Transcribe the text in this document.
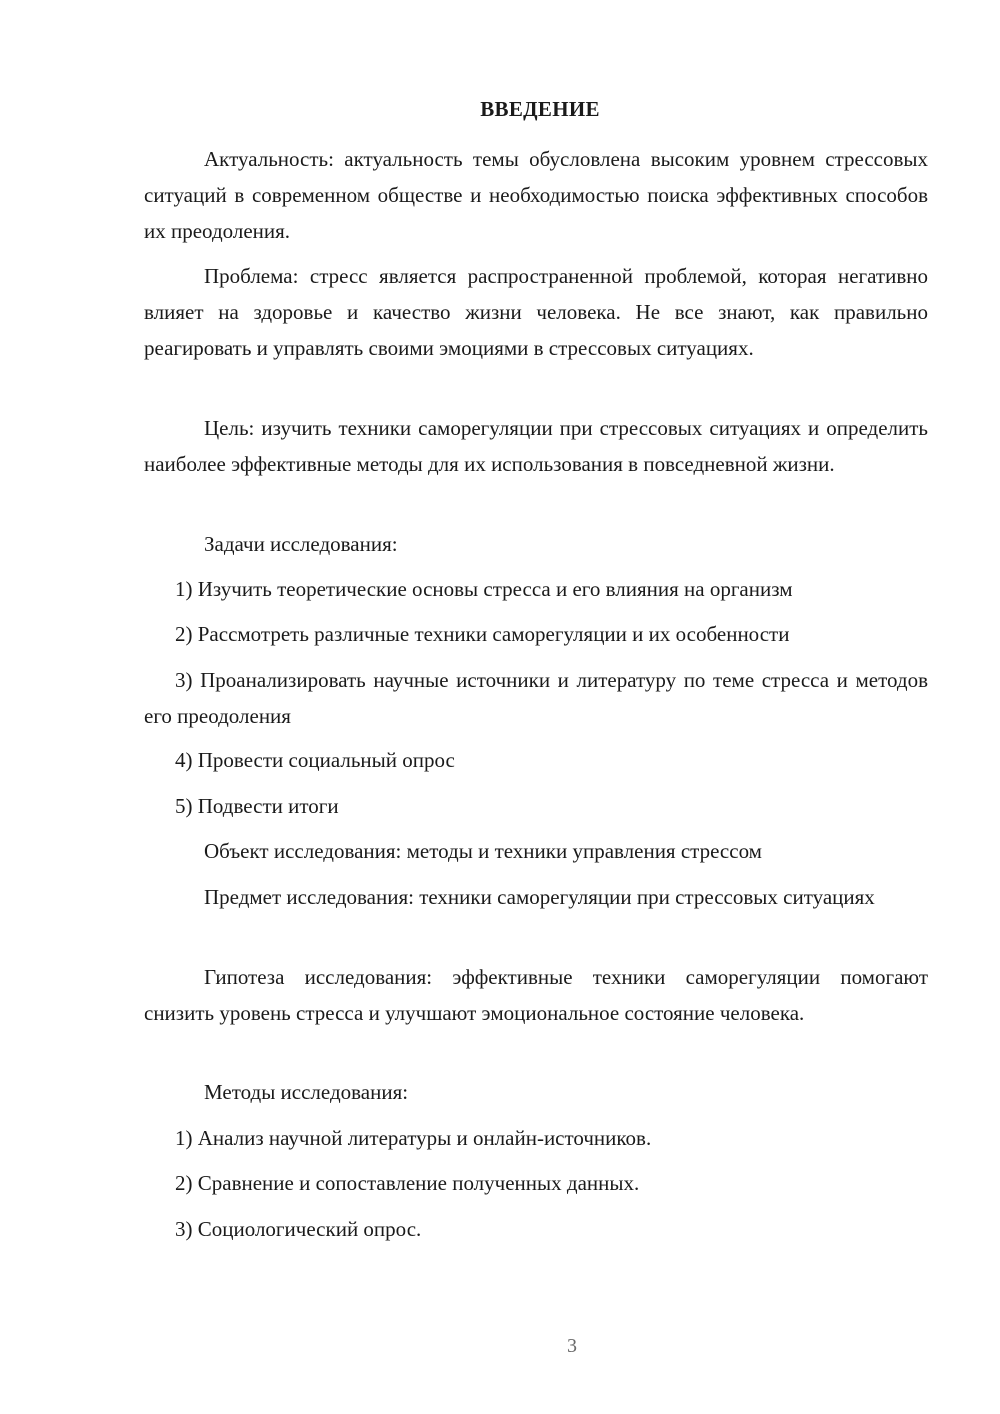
ВВЕДЕНИЕ

Актуальность: актуальность темы обусловлена высоким уровнем стрессовых ситуаций в современном обществе и необходимостью поиска эффективных способов их преодоления.

Проблема: стресс является распространенной проблемой, которая негативно влияет на здоровье и качество жизни человека. Не все знают, как правильно реагировать и управлять своими эмоциями в стрессовых ситуациях.

Цель: изучить техники саморегуляции при стрессовых ситуациях и определить наиболее эффективные методы для их использования в повседневной жизни.

Задачи исследования:

1) Изучить теоретические основы стресса и его влияния на организм

2) Рассмотреть различные техники саморегуляции и их особенности

3) Проанализировать научные источники и литературу по теме стресса и методов его преодоления

4) Провести социальный опрос

5) Подвести итоги

Объект исследования: методы и техники управления стрессом

Предмет исследования: техники саморегуляции при стрессовых ситуациях

Гипотеза исследования: эффективные техники саморегуляции помогают снизить уровень стресса и улучшают эмоциональное состояние человека.

Методы исследования:

1) Анализ научной литературы и онлайн-источников.

2) Сравнение и сопоставление полученных данных.

3) Социологический опрос.

3
